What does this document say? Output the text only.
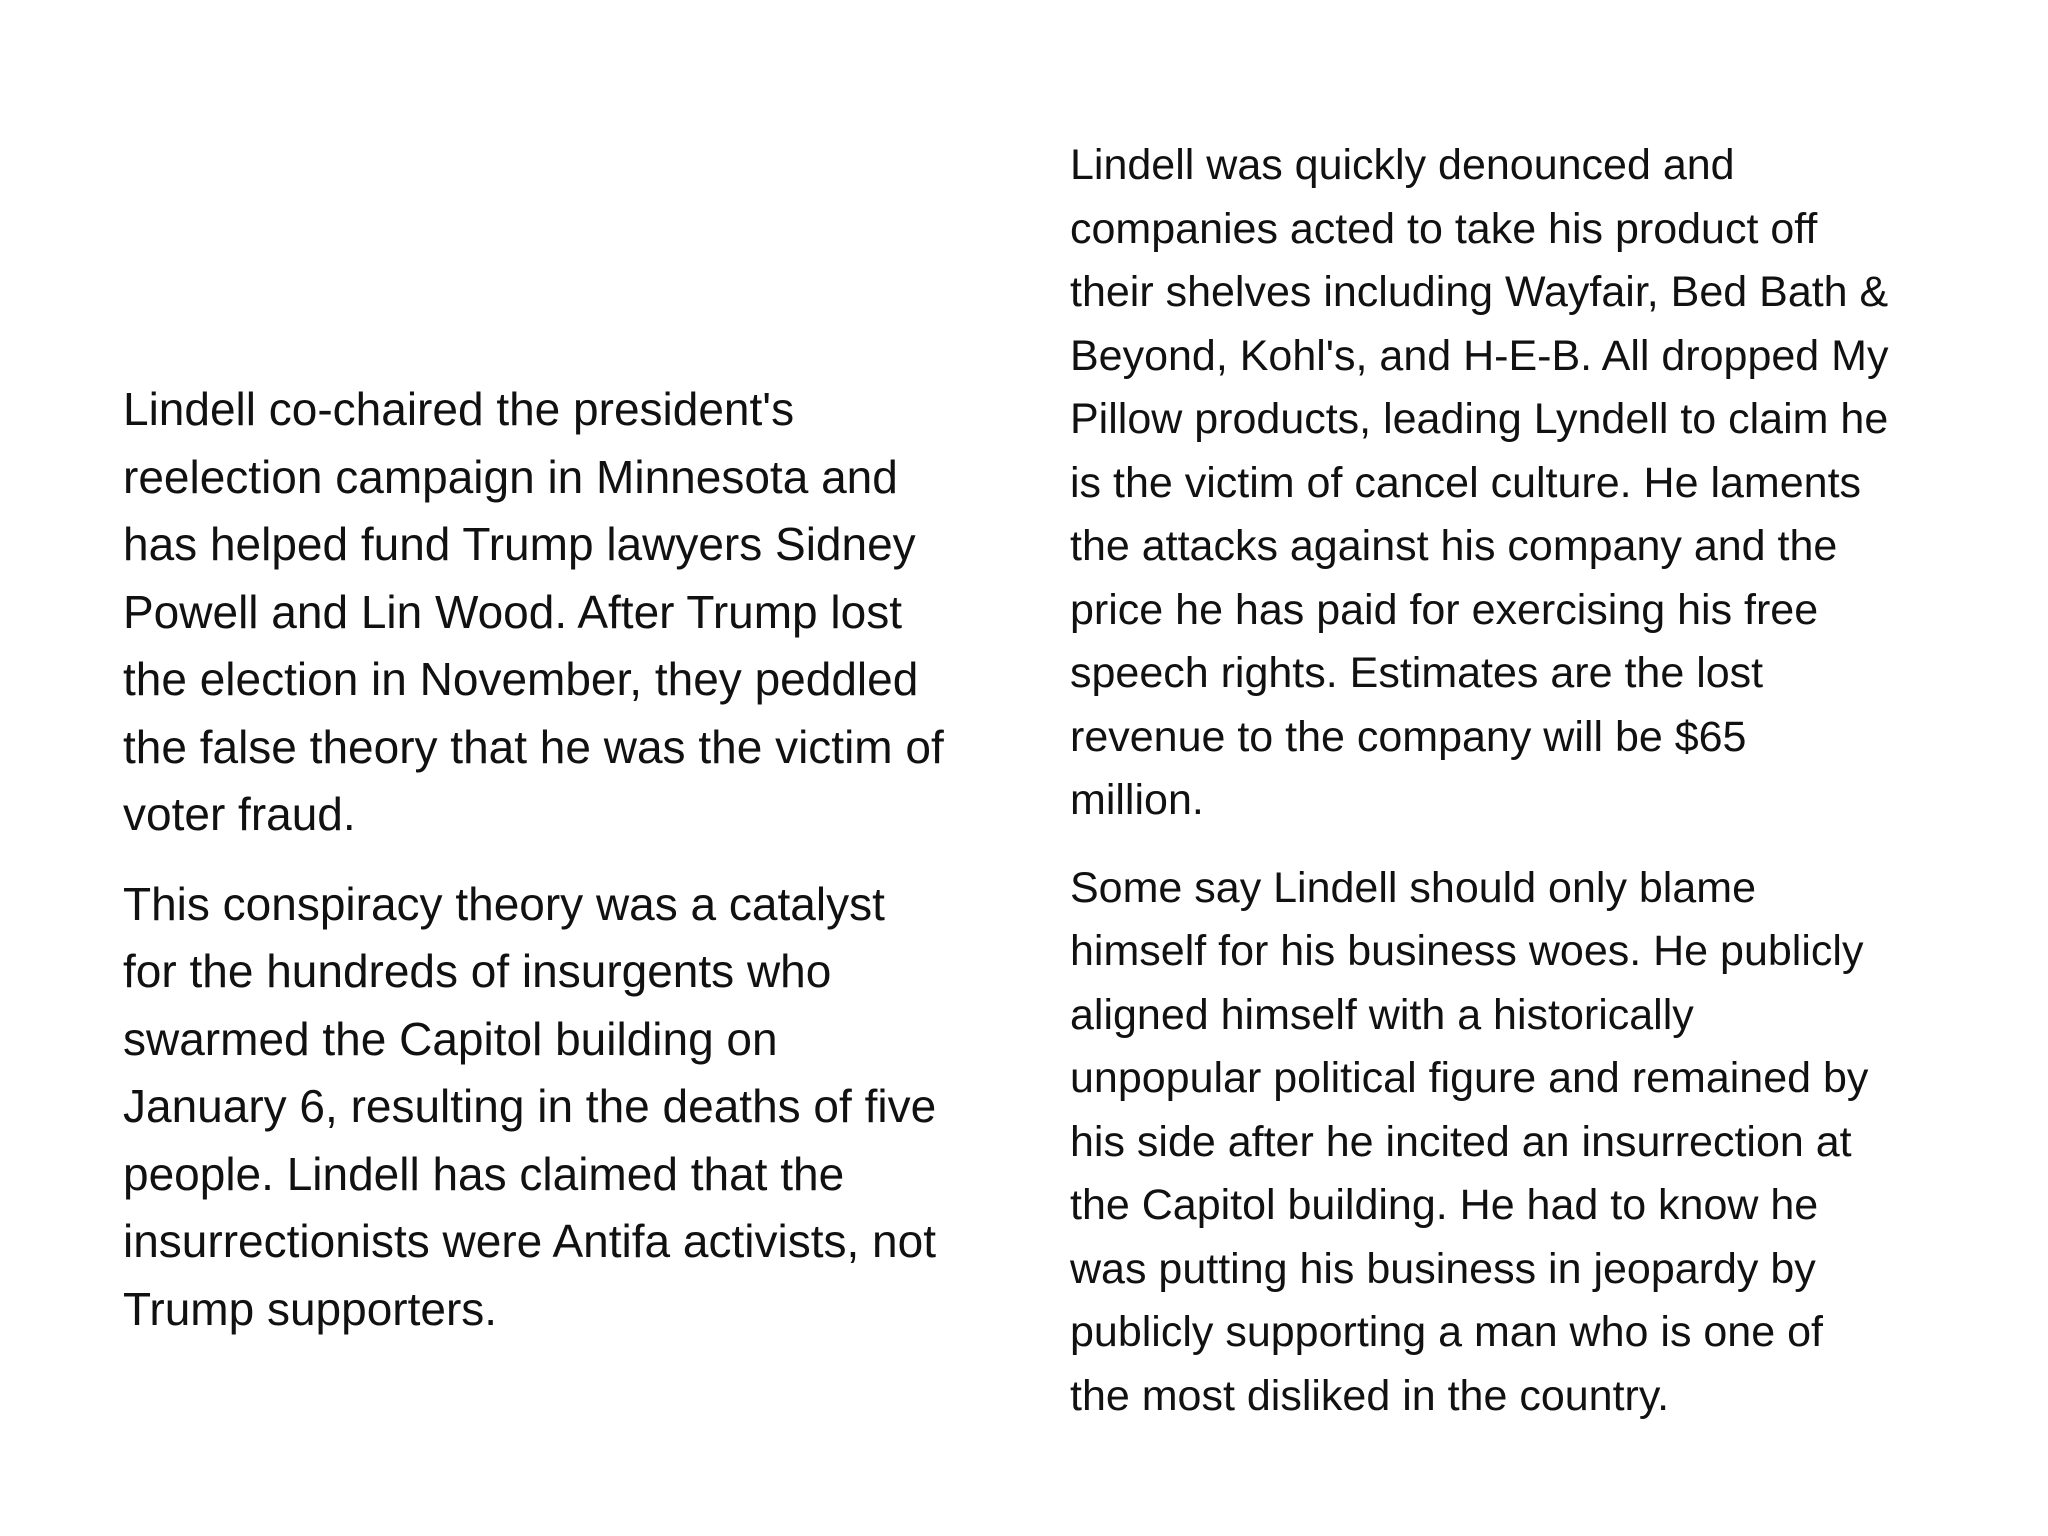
Lindell co-chaired the president's
reelection campaign in Minnesota and
has helped fund Trump lawyers Sidney
Powell and Lin Wood. After Trump lost
the election in November, they peddled
the false theory that he was the victim of
voter fraud.

This conspiracy theory was a catalyst
for the hundreds of insurgents who
swarmed the Capitol building on
January 6, resulting in the deaths of five
people. Lindell has claimed that the
insurrectionists were Antifa activists, not
Trump supporters.

Lindell was quickly denounced and
companies acted to take his product off
their shelves including Wayfair, Bed Bath &
Beyond, Kohl's, and H-E-B. All dropped My
Pillow products, leading Lyndell to claim he
is the victim of cancel culture. He laments
the attacks against his company and the
price he has paid for exercising his free
speech rights. Estimates are the lost
revenue to the company will be $65
million.

Some say Lindell should only blame
himself for his business woes. He publicly
aligned himself with a historically
unpopular political figure and remained by
his side after he incited an insurrection at
the Capitol building. He had to know he
was putting his business in jeopardy by
publicly supporting a man who is one of
the most disliked in the country.
